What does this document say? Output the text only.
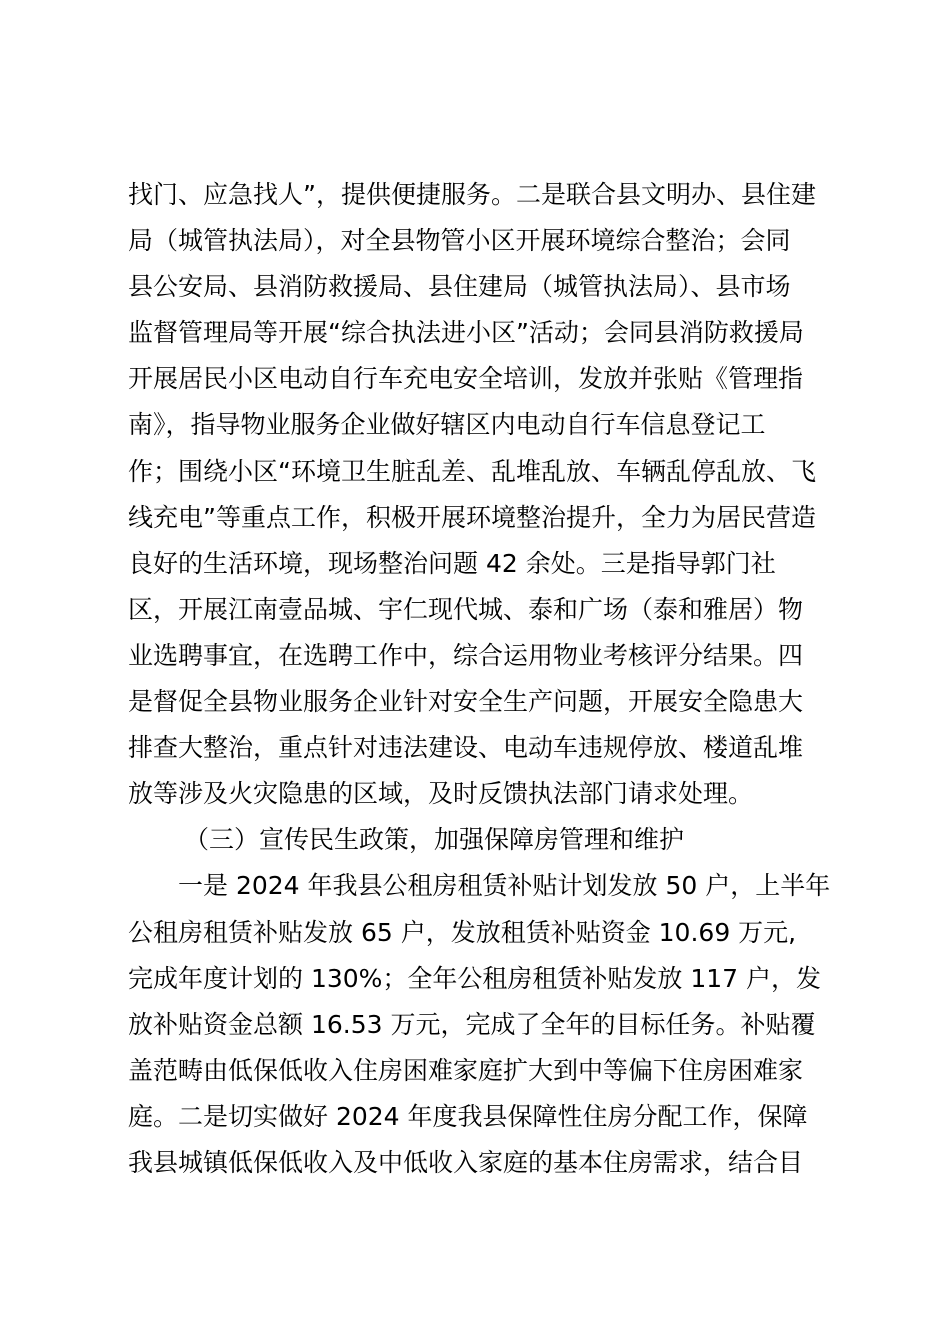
找门、应急找人”，提供便捷服务。二是联合县文明办、县住建
局（城管执法局），对全县物管小区开展环境综合整治；会同
县公安局、县消防救援局、县住建局（城管执法局）、县市场
监督管理局等开展“综合执法进小区”活动；会同县消防救援局
开展居民小区电动自行车充电安全培训，发放并张贴《管理指
南》，指导物业服务企业做好辖区内电动自行车信息登记工
作；围绕小区“环境卫生脏乱差、乱堆乱放、车辆乱停乱放、飞
线充电”等重点工作，积极开展环境整治提升，全力为居民营造
良好的生活环境，现场整治问题 42 余处。三是指导郭门社
区，开展江南壹品城、宇仁现代城、泰和广场（泰和雅居）物
业选聘事宜，在选聘工作中，综合运用物业考核评分结果。四
是督促全县物业服务企业针对安全生产问题，开展安全隐患大
排查大整治，重点针对违法建设、电动车违规停放、楼道乱堆
放等涉及火灾隐患的区域，及时反馈执法部门请求处理。
（三）宣传民生政策，加强保障房管理和维护
一是 2024 年我县公租房租赁补贴计划发放 50 户，上半年
公租房租赁补贴发放 65 户，发放租赁补贴资金 10.69 万元,
完成年度计划的 130%；全年公租房租赁补贴发放 117 户，发
放补贴资金总额 16.53 万元，完成了全年的目标任务。补贴覆
盖范畴由低保低收入住房困难家庭扩大到中等偏下住房困难家
庭。二是切实做好 2024 年度我县保障性住房分配工作，保障
我县城镇低保低收入及中低收入家庭的基本住房需求，结合目
